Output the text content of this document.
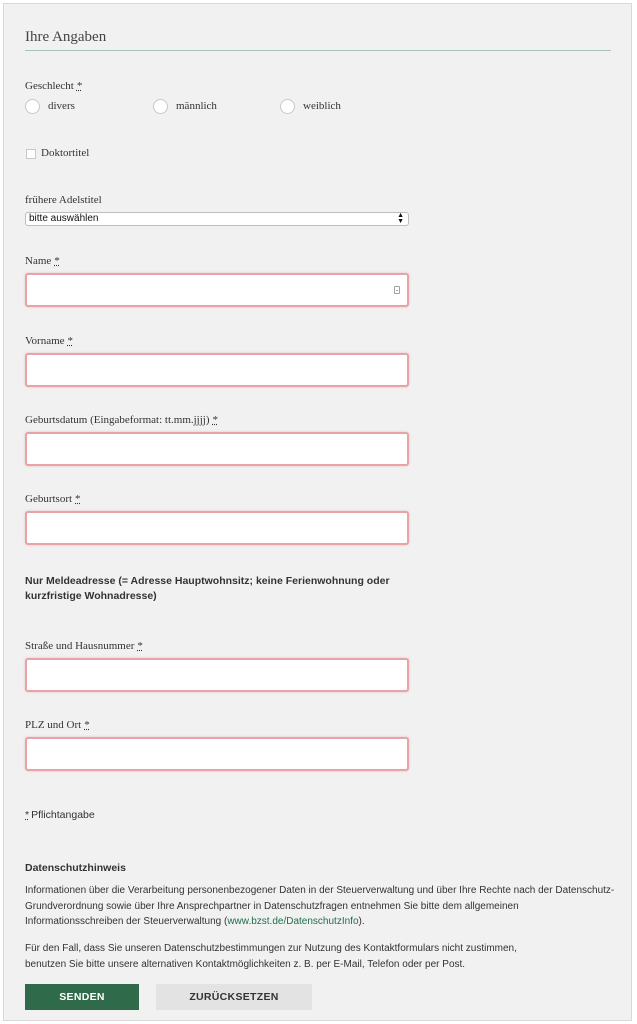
Ihre Angaben
Geschlecht *
divers	männlich	weiblich
Doktortitel
frühere Adelstitel
bitte auswählen	▲
▼
Name *
Vorname *
Geburtsdatum (Eingabeformat: tt.mm.jjjj) *
Geburtsort *
Nur Meldeadresse (= Adresse Hauptwohnsitz; keine Ferienwohnung oder kurzfristige Wohnadresse)
Straße und Hausnummer *
PLZ und Ort *
* Pflichtangabe
Datenschutzhinweis
Informationen über die Verarbeitung personenbezogener Daten in der Steuerverwaltung und über Ihre Rechte nach der Datenschutz-Grundverordnung sowie über Ihre Ansprechpartner in Datenschutzfragen entnehmen Sie bitte dem allgemeinen Informationsschreiben der Steuerverwaltung (www.bzst.de/DatenschutzInfo).
Für den Fall, dass Sie unseren Datenschutzbestimmungen zur Nutzung des Kontaktformulars nicht zustimmen, benutzen Sie bitte unsere alternativen Kontaktmöglichkeiten z. B. per E-Mail, Telefon oder per Post.
SENDEN	ZURÜCKSETZEN
